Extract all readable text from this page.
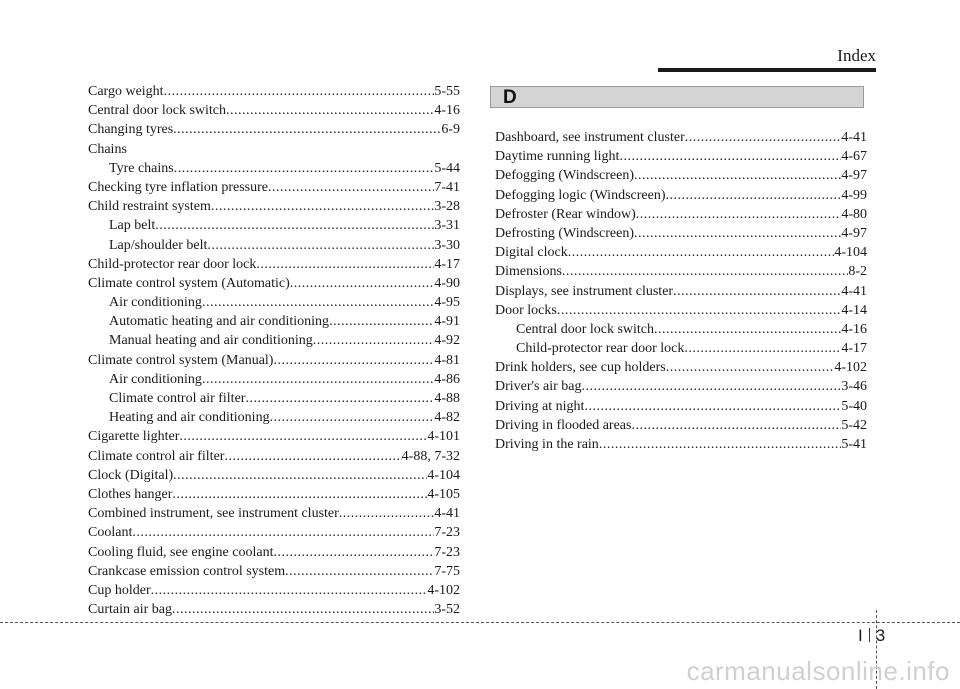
Index
Cargo weight .....	5-55
Central door lock switch .....	4-16
Changing tyres .....	6-9
Chains
Tyre chains .....	5-44
Checking tyre inflation pressure .....	7-41
Child restraint system .....	3-28
Lap belt .....	3-31
Lap/shoulder belt .....	3-30
Child-protector rear door lock .....	4-17
Climate control system (Automatic) .....	4-90
Air conditioning .....	4-95
Automatic heating and air conditioning .....	4-91
Manual heating and air conditioning .....	4-92
Climate control system (Manual) .....	4-81
Air conditioning .....	4-86
Climate control air filter .....	4-88
Heating and air conditioning .....	4-82
Cigarette lighter .....	4-101
Climate control air filter .....	4-88, 7-32
Clock (Digital) .....	4-104
Clothes hanger .....	4-105
Combined instrument, see instrument cluster .....	4-41
Coolant .....	7-23
Cooling fluid, see engine coolant .....	7-23
Crankcase emission control system .....	7-75
Cup holder .....	4-102
Curtain air bag .....	3-52
D
Dashboard, see instrument cluster .....	4-41
Daytime running light .....	4-67
Defogging (Windscreen) .....	4-97
Defogging logic (Windscreen) .....	4-99
Defroster (Rear window) .....	4-80
Defrosting (Windscreen) .....	4-97
Digital clock .....	4-104
Dimensions .....	8-2
Displays, see instrument cluster .....	4-41
Door locks .....	4-14
Central door lock switch .....	4-16
Child-protector rear door lock .....	4-17
Drink holders, see cup holders .....	4-102
Driver's air bag .....	3-46
Driving at night .....	5-40
Driving in flooded areas .....	5-42
Driving in the rain .....	5-41
I 3
carmanualsonline.info
